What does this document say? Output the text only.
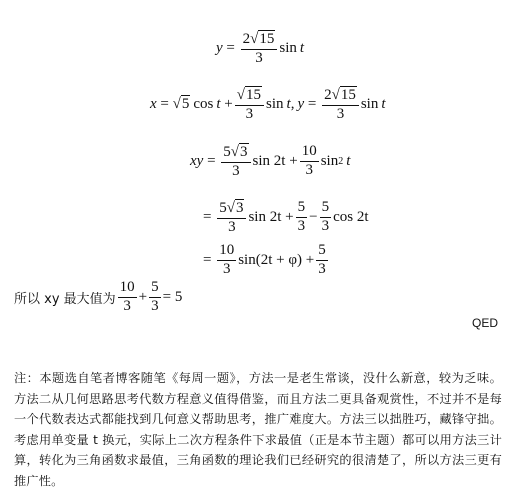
$y = \frac{2 √ 15}{3}$ sin t
x = √ 5 $\cos t + \frac{√ 15}{3}$ sin t , $y = \frac{2 √ 15}{3}$ sin t
xy = $\frac{5 √ 3}{3}$ $\sin 2t + \frac{10}{3}$ sin 2 t
= $\frac{5 √ 3}{3}$ $\sin 2t + \frac{5}{3} - \frac{5}{3}$ cos 2t
= $\frac{10}{3} \sin(2t + \varphi) + \frac{5}{3}$
所以 xy 最大值为 $\frac{10}{3} + \frac{5}{3} = 5$
QED
注：本题选自笔者博客随笔《每周一题》，方法一是老生常谈，没什么新意，较为乏味。方法二从几何思路思考代数方程意义值得借鉴，而且方法二更具备观赏性，不过并不是每一个代数表达式都能找到几何意义帮助思考，推广难度大。方法三以拙胜巧，藏锋守拙。考虑用单变量 t 换元，实际上二次方程条件下求最值（正是本节主题）都可以用方法三计算，转化为三角函数求最值，三角函数的理论我们已经研究的很清楚了，所以方法三更有推广性。
